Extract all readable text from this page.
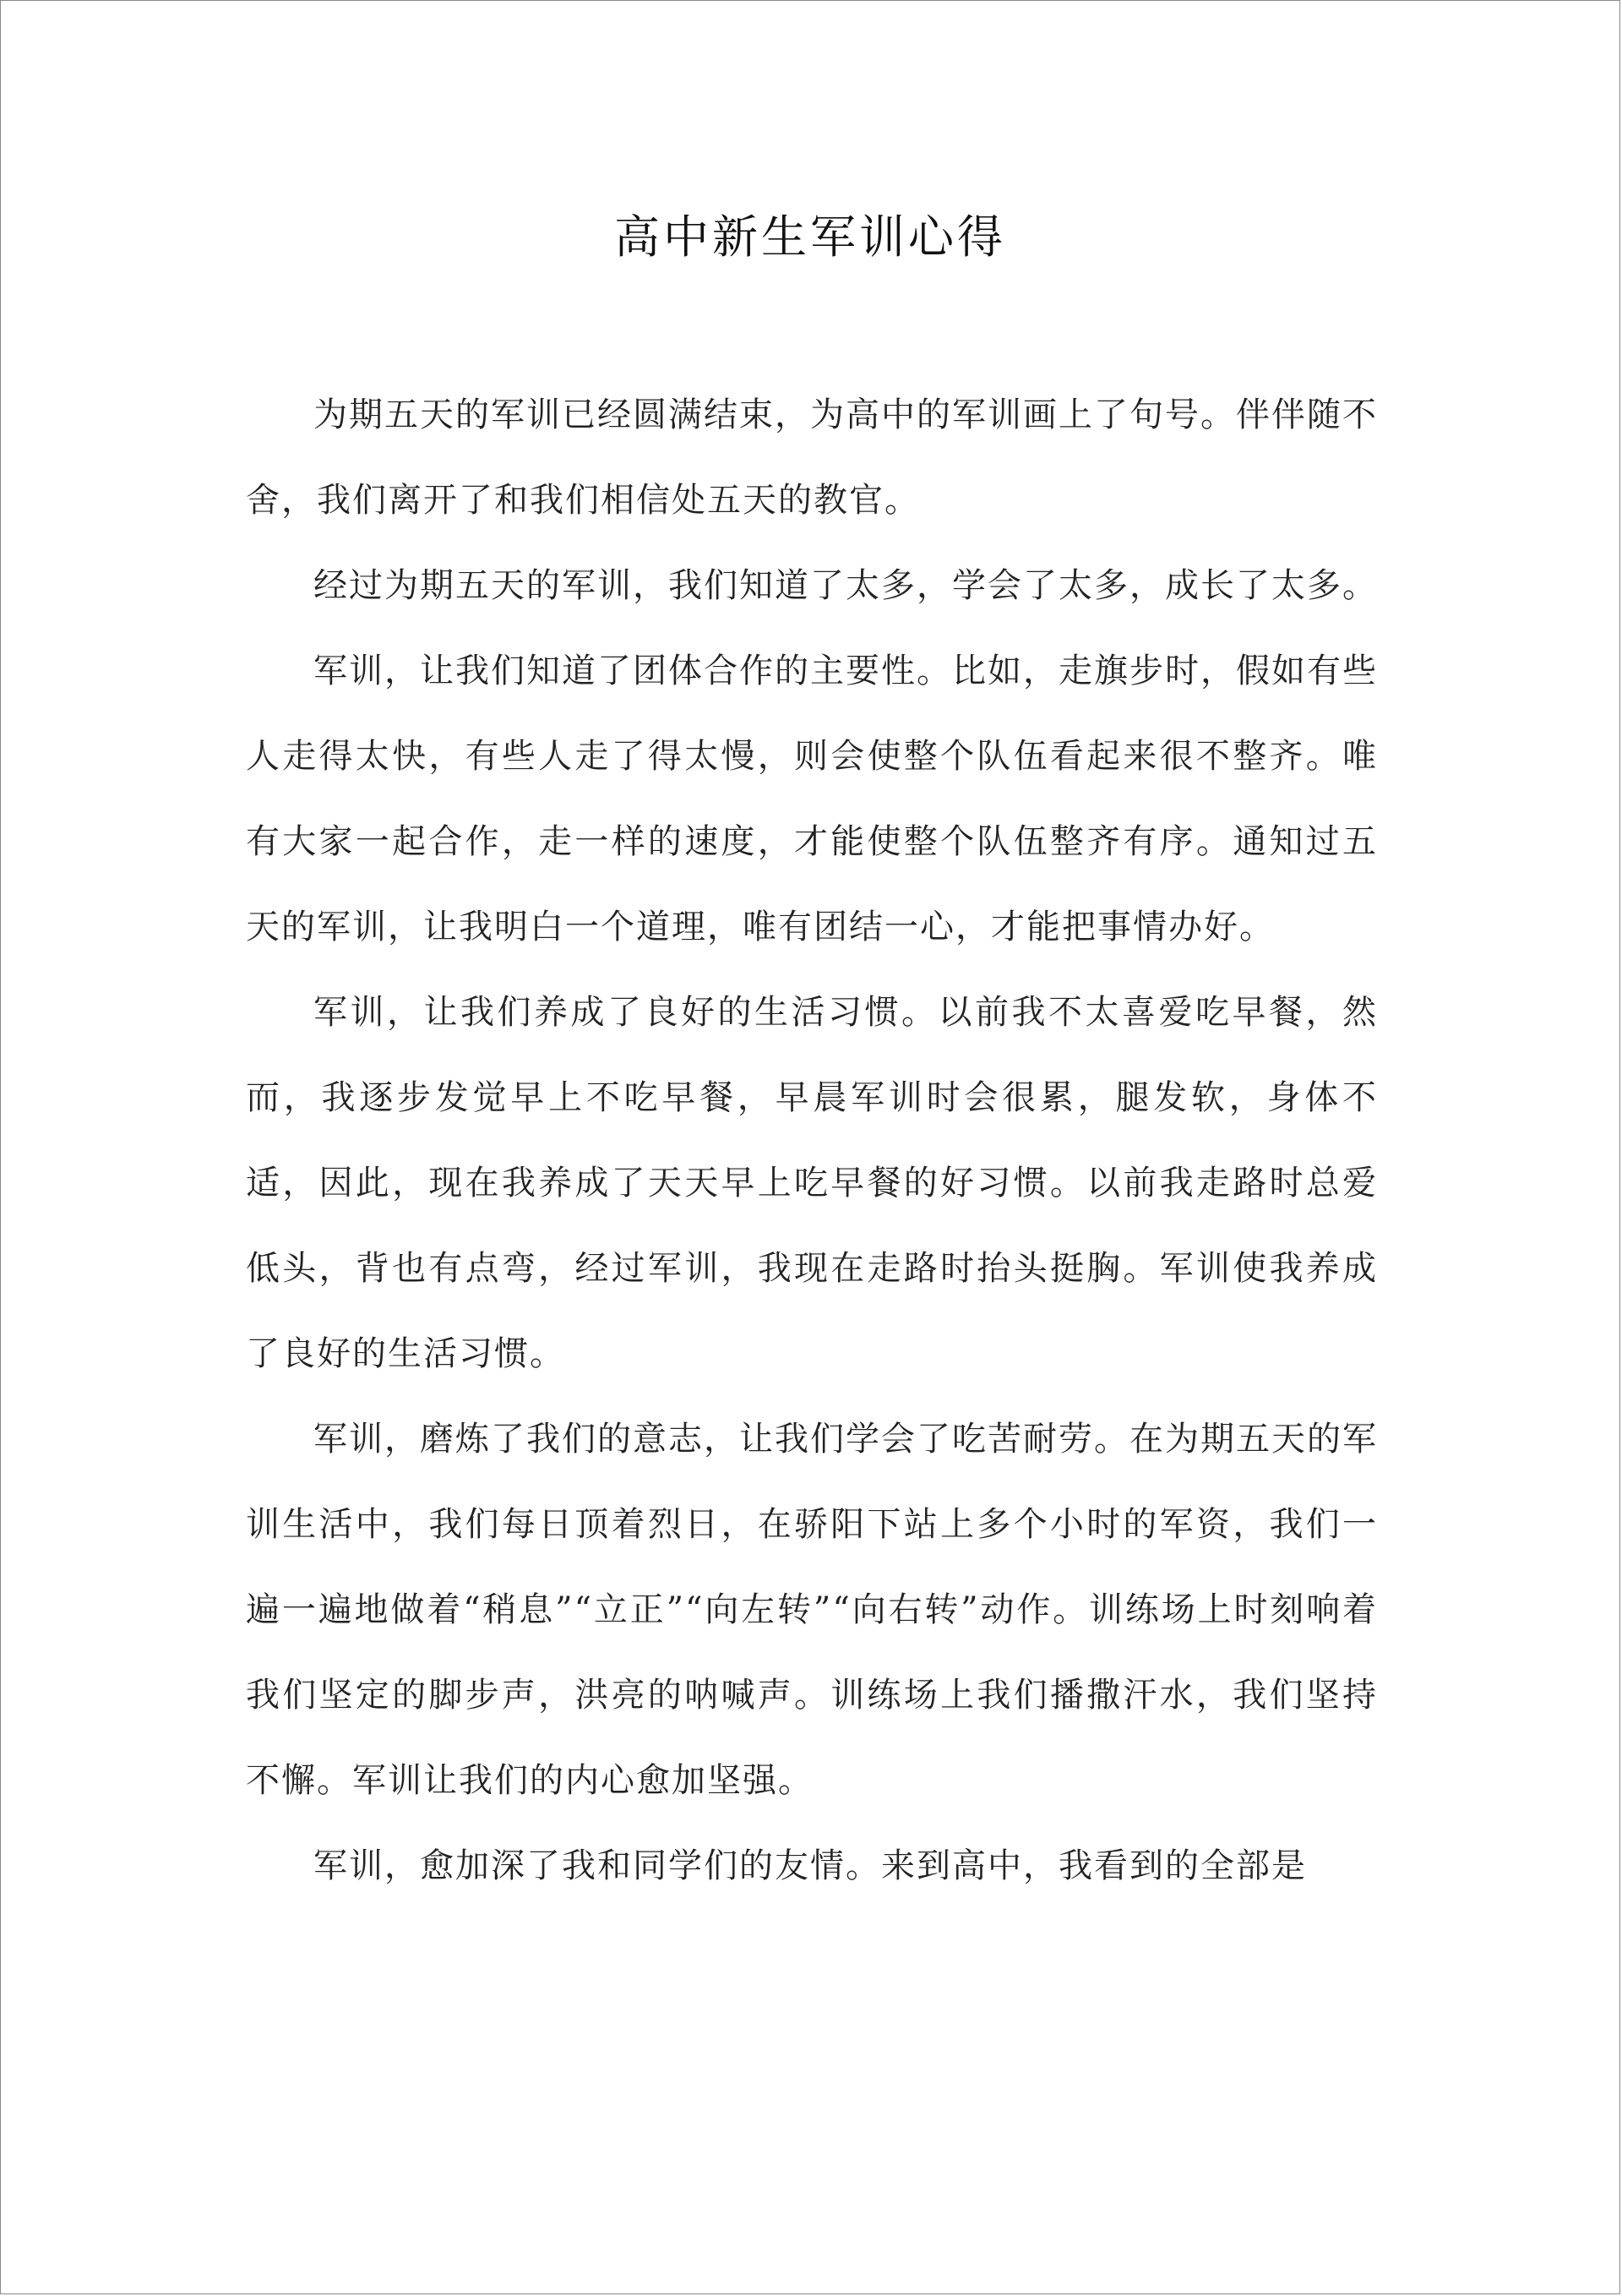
高中新生军训心得

为期五天的军训已经圆满结束，为高中的军训画上了句号。伴伴随不舍，我们离开了和我们相信处五天的教官。

经过为期五天的军训，我们知道了太多，学会了太多，成长了太多。

军训，让我们知道了团体合作的主要性。比如，走旗步时，假如有些人走得太快，有些人走了得太慢，则会使整个队伍看起来很不整齐。唯有大家一起合作，走一样的速度，才能使整个队伍整齐有序。通知过五天的军训，让我明白一个道理，唯有团结一心，才能把事情办好。

军训，让我们养成了良好的生活习惯。以前我不太喜爱吃早餐，然而，我逐步发觉早上不吃早餐，早晨军训时会很累，腿发软，身体不适，因此，现在我养成了天天早上吃早餐的好习惯。以前我走路时总爱低头，背也有点弯，经过军训，我现在走路时抬头挺胸。军训使我养成了良好的生活习惯。

军训，磨炼了我们的意志，让我们学会了吃苦耐劳。在为期五天的军训生活中，我们每日顶着烈日，在骄阳下站上多个小时的军资，我们一遍一遍地做着“稍息”“立正”“向左转”“向右转”动作。训练场上时刻响着我们坚定的脚步声，洪亮的呐喊声。训练场上我们播撒汗水，我们坚持不懈。军训让我们的内心愈加坚强。

军训，愈加深了我和同学们的友情。来到高中，我看到的全部是
